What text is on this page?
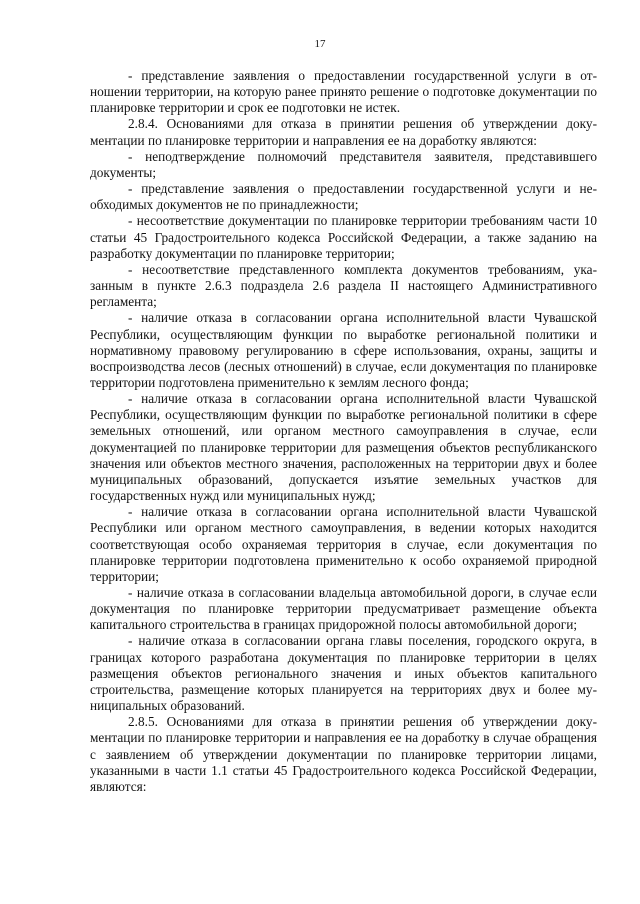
17

- представление заявления о предоставлении государственной услуги в отношении территории, на которую ранее принято решение о подготовке документации по планировке территории и срок ее подготовки не истек.

2.8.4. Основаниями для отказа в принятии решения об утверждении документации по планировке территории и направления ее на доработку являются:

- неподтверждение полномочий представителя заявителя, представившего документы;

- представление заявления о предоставлении государственной услуги и необходимых документов не по принадлежности;

- несоответствие документации по планировке территории требованиям части 10 статьи 45 Градостроительного кодекса Российской Федерации, а также заданию на разработку документации по планировке территории;

- несоответствие представленного комплекта документов требованиям, указанным в пункте 2.6.3 подраздела 2.6 раздела II настоящего Административного регламента;

- наличие отказа в согласовании органа исполнительной власти Чувашской Республики, осуществляющим функции по выработке региональной политики и нормативному правовому регулированию в сфере использования, охраны, защиты и воспроизводства лесов (лесных отношений) в случае, если документация по планировке территории подготовлена применительно к землям лесного фонда;

- наличие отказа в согласовании органа исполнительной власти Чувашской Республики, осуществляющим функции по выработке региональной политики в сфере земельных отношений, или органом местного самоуправления в случае, если документацией по планировке территории для размещения объектов республиканского значения или объектов местного значения, расположенных на территории двух и более муниципальных образований, допускается изъятие земельных участков для государственных нужд или муниципальных нужд;

- наличие отказа в согласовании органа исполнительной власти Чувашской Республики или органом местного самоуправления, в ведении которых находится соответствующая особо охраняемая территория в случае, если документация по планировке территории подготовлена применительно к особо охраняемой природной территории;

- наличие отказа в согласовании владельца автомобильной дороги, в случае если документация по планировке территории предусматривает размещение объекта капитального строительства в границах придорожной полосы автомобильной дороги;

- наличие отказа в согласовании органа главы поселения, городского округа, в границах которого разработана документация по планировке территории в целях размещения объектов регионального значения и иных объектов капитального строительства, размещение которых планируется на территориях двух и более муниципальных образований.

2.8.5. Основаниями для отказа в принятии решения об утверждении документации по планировке территории и направления ее на доработку в случае обращения с заявлением об утверждении документации по планировке территории лицами, указанными в части 1.1 статьи 45 Градостроительного кодекса Российской Федерации, являются:
